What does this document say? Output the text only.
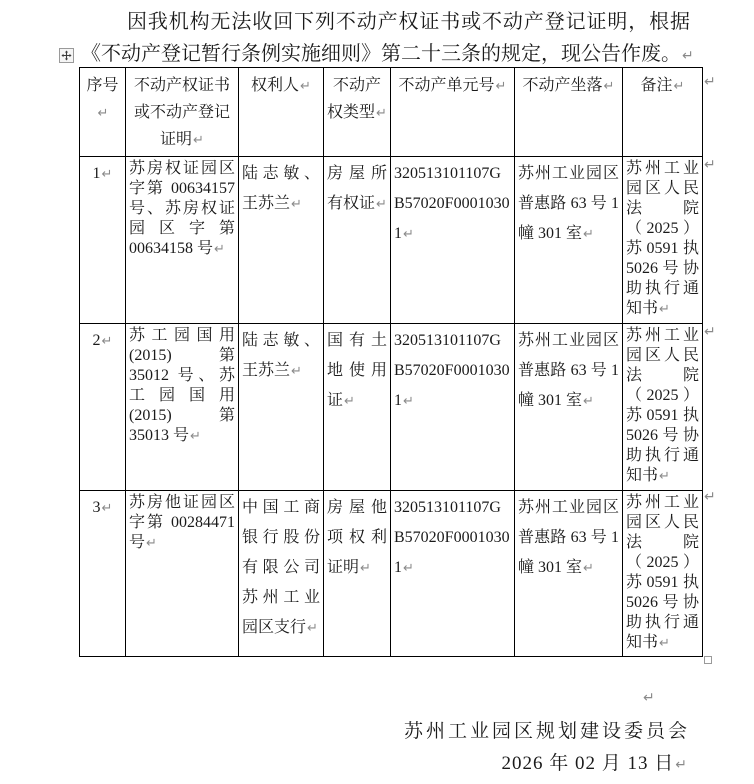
因我机构无法收回下列不动产权证书或不动产登记证明，根据
《不动产登记暂行条例实施细则》第二十三条的规定，现公告作废。↵
序号↵	不动产权证书或不动产登记证明↵	权利人↵	不动产权类型↵	不动产单元号↵	不动产坐落↵	备注↵
1↵	苏房权证园区字第 00634157 号、苏房权证园区字第 00634158 号↵	陆志敏、王苏兰↵	房屋所有权证↵	320513101107GB57020F00010301↵	苏州工业园区普惠路 63 号 1 幢 301 室↵	苏州工业园区人民法院（2025）苏0591执5026号协助执行通知书↵
2↵	苏工园国用 (2015) 第 35012 号、苏工园国用 (2015) 第 35013 号↵	陆志敏、王苏兰↵	国有土地使用证↵	320513101107GB57020F00010301↵	苏州工业园区普惠路 63 号 1 幢 301 室↵	苏州工业园区人民法院（2025）苏0591执5026号协助执行通知书↵
3↵	苏房他证园区字第 00284471 号↵	中国工商银行股份有限公司苏州工业园区支行↵	房屋他项权利证明↵	320513101107GB57020F00010301↵	苏州工业园区普惠路 63 号 1 幢 301 室↵	苏州工业园区人民法院（2025）苏0591执5026号协助执行通知书↵
↵
↵
↵
↵
↵
苏州工业园区规划建设委员会
2026 年 02 月 13 日↵
